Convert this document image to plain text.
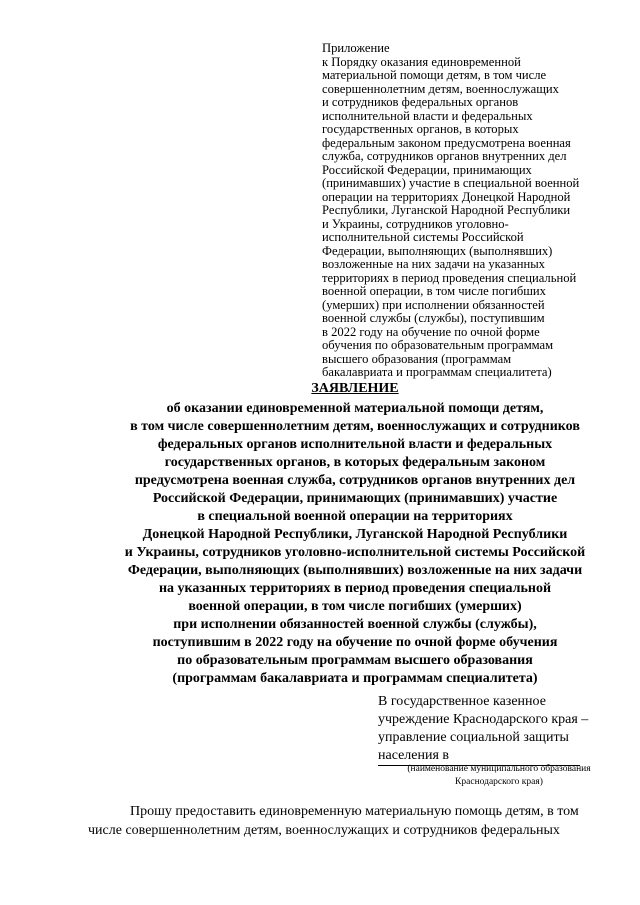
Приложение
к Порядку оказания единовременной
материальной помощи детям, в том числе
совершеннолетним детям, военнослужащих
и сотрудников федеральных органов
исполнительной власти и федеральных
государственных органов, в которых
федеральным законом предусмотрена военная
служба, сотрудников органов внутренних дел
Российской Федерации, принимающих
(принимавших) участие в специальной военной
операции на территориях Донецкой Народной
Республики, Луганской Народной Республики
и Украины, сотрудников уголовно-
исполнительной системы Российской
Федерации, выполняющих (выполнявших)
возложенные на них задачи на указанных
территориях в период проведения специальной
военной операции, в том числе погибших
(умерших) при исполнении обязанностей
военной службы (службы), поступившим
в 2022 году на обучение по очной форме
обучения по образовательным программам
высшего образования (программам
бакалавриата и программам специалитета)
ЗАЯВЛЕНИЕ
об оказании единовременной материальной помощи детям,
в том числе совершеннолетним детям, военнослужащих и сотрудников
федеральных органов исполнительной власти и федеральных
государственных органов, в которых федеральным законом
предусмотрена военная служба, сотрудников органов внутренних дел
Российской Федерации, принимающих (принимавших) участие
в специальной военной операции на территориях
Донецкой Народной Республики, Луганской Народной Республики
и Украины, сотрудников уголовно-исполнительной системы Российской
Федерации, выполняющих (выполнявших) возложенные на них задачи
на указанных территориях в период проведения специальной
военной операции, в том числе погибших (умерших)
при исполнении обязанностей военной службы (службы),
поступившим в 2022 году на обучение по очной форме обучения
по образовательным программам высшего образования
(программам бакалавриата и программам специалитета)
В государственное казенное
учреждение Краснодарского края –
управление социальной защиты
населения в
(наименование муниципального образования
Краснодарского края)
Прошу предоставить единовременную материальную помощь детям, в том
числе совершеннолетним детям, военнослужащих и сотрудников федеральных
